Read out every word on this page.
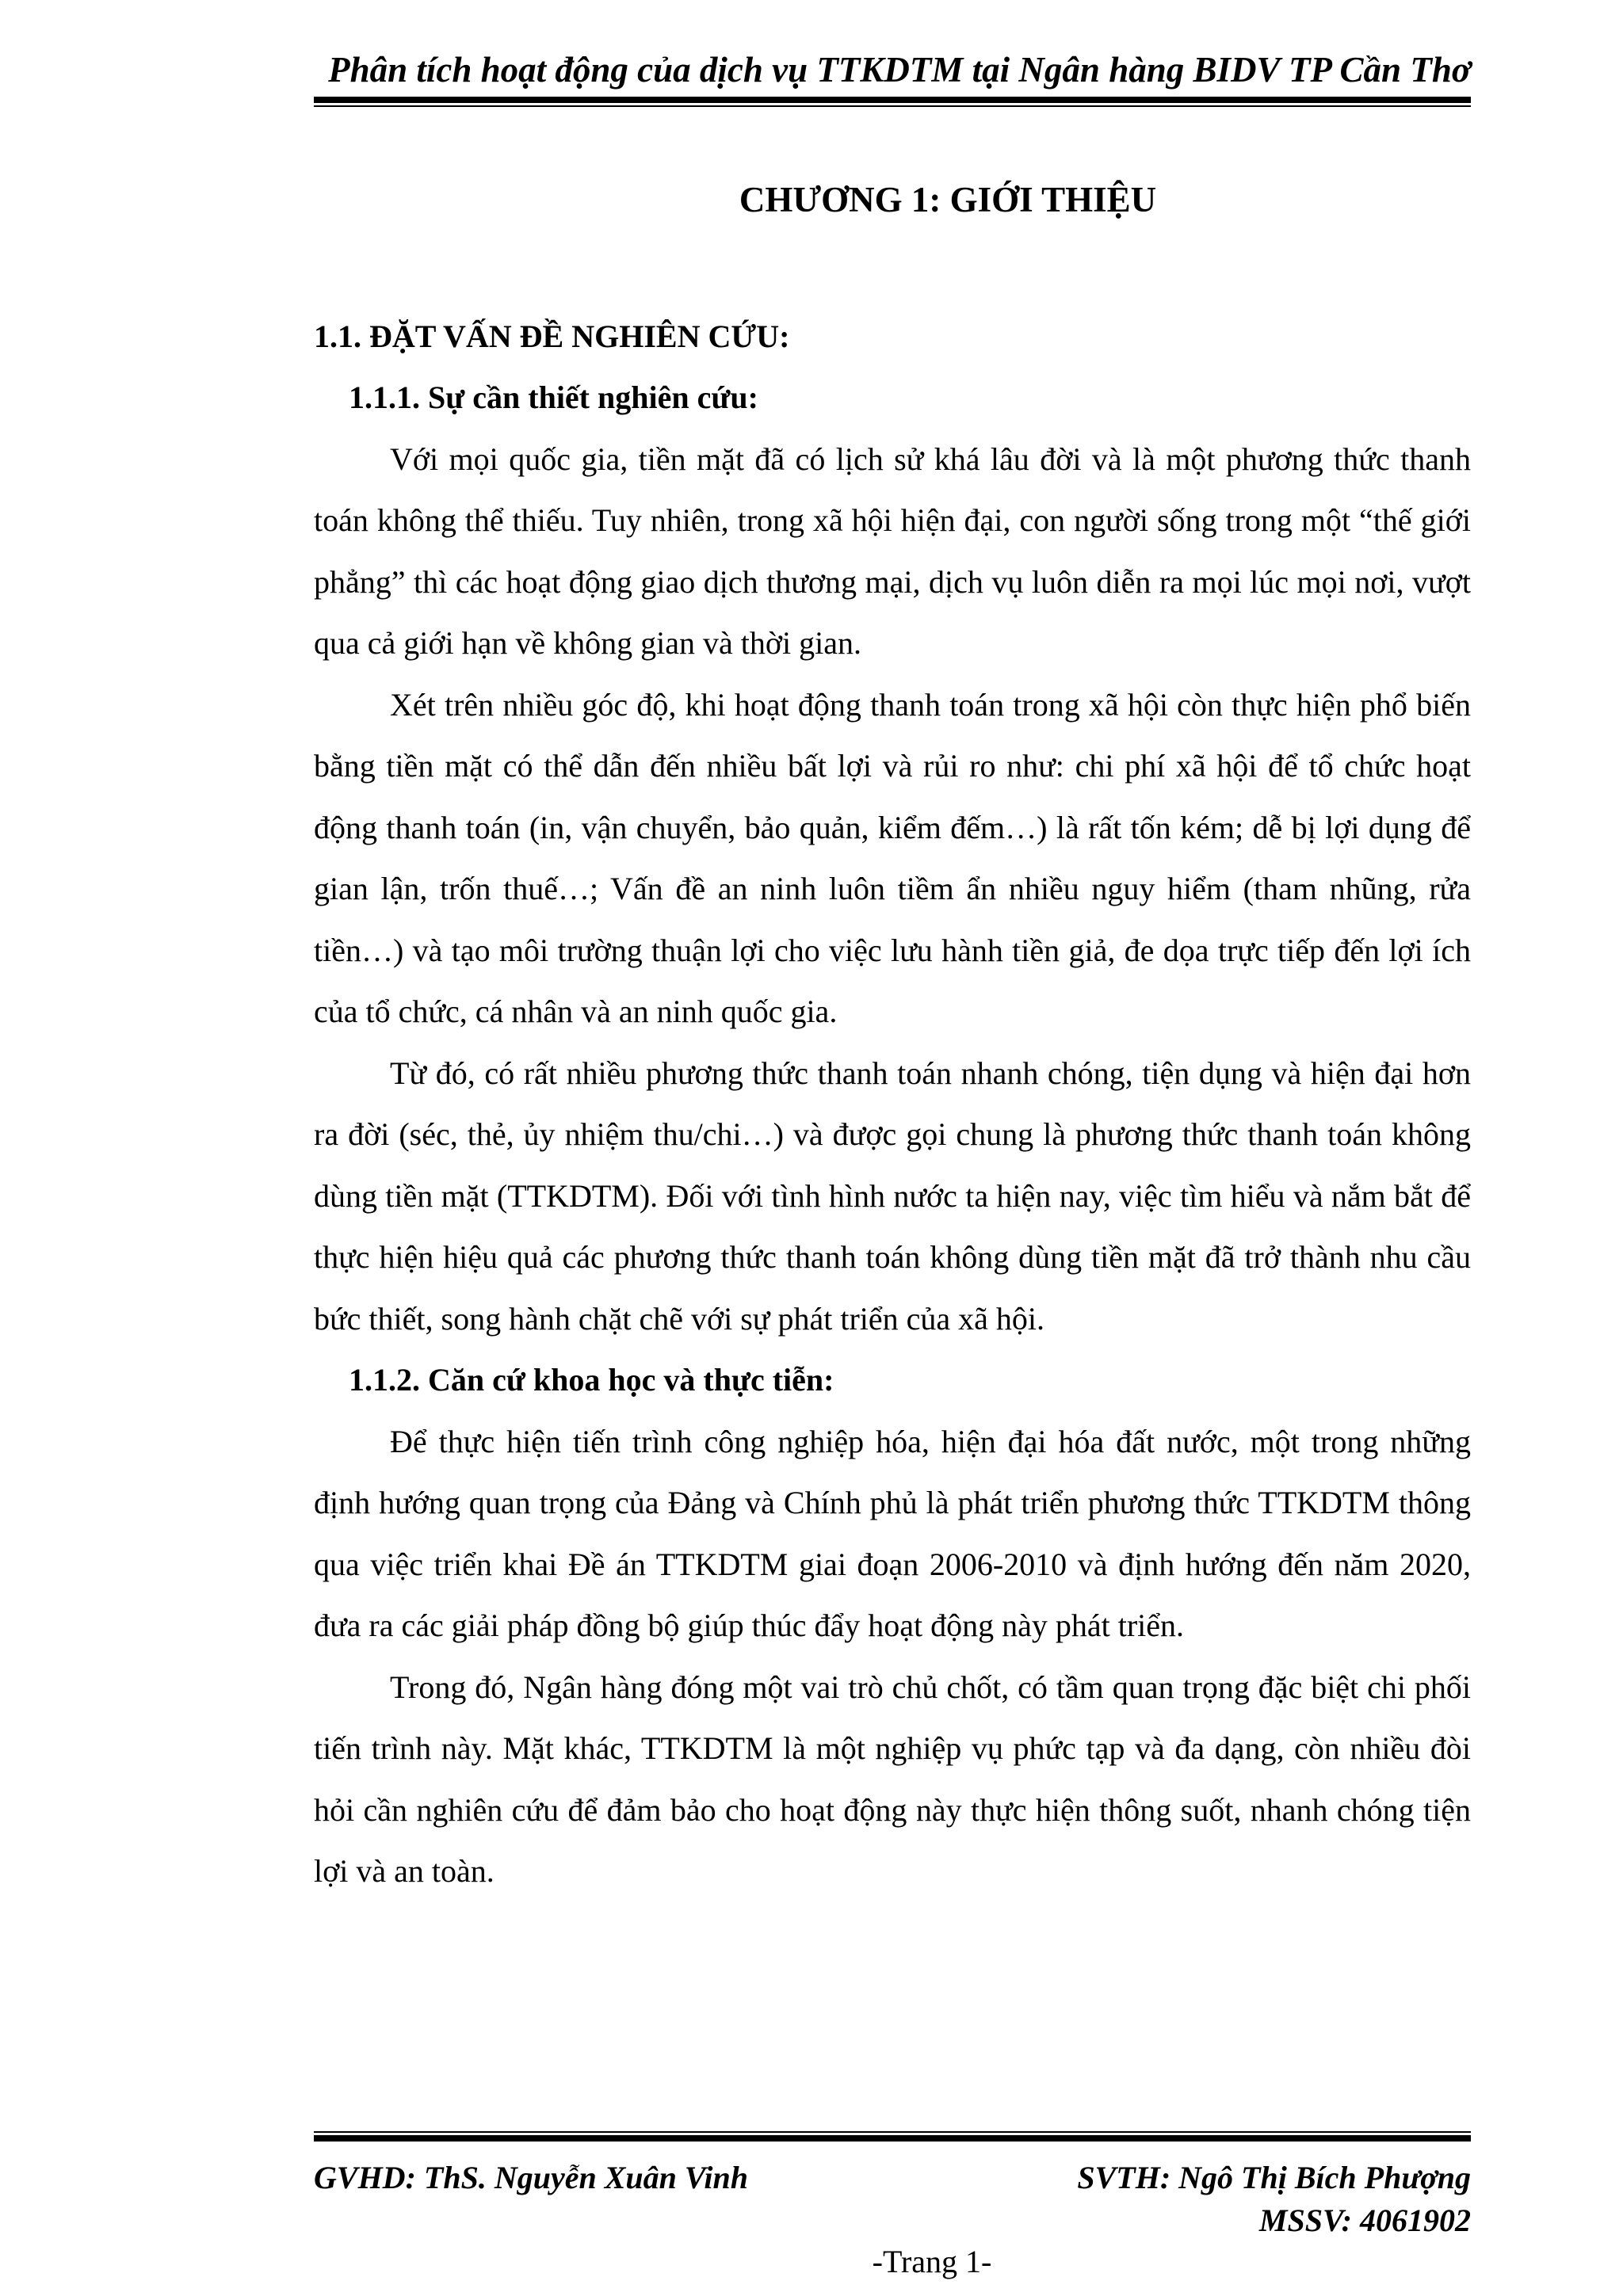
Phân tích hoạt động của dịch vụ TTKDTM tại Ngân hàng BIDV TP Cần Thơ
CHƯƠNG 1: GIỚI THIỆU

1.1. ĐẶT VẤN ĐỀ NGHIÊN CỨU:

1.1.1. Sự cần thiết nghiên cứu:

Với mọi quốc gia, tiền mặt đã có lịch sử khá lâu đời và là một phương thức thanh toán không thể thiếu. Tuy nhiên, trong xã hội hiện đại, con người sống trong một “thế giới phẳng” thì các hoạt động giao dịch thương mại, dịch vụ luôn diễn ra mọi lúc mọi nơi, vượt qua cả giới hạn về không gian và thời gian.

Xét trên nhiều góc độ, khi hoạt động thanh toán trong xã hội còn thực hiện phổ biến bằng tiền mặt có thể dẫn đến nhiều bất lợi và rủi ro như: chi phí xã hội để tổ chức hoạt động thanh toán (in, vận chuyển, bảo quản, kiểm đếm…) là rất tốn kém; dễ bị lợi dụng để gian lận, trốn thuế…; Vấn đề an ninh luôn tiềm ẩn nhiều nguy hiểm (tham nhũng, rửa tiền…) và tạo môi trường thuận lợi cho việc lưu hành tiền giả, đe dọa trực tiếp đến lợi ích của tổ chức, cá nhân và an ninh quốc gia.

Từ đó, có rất nhiều phương thức thanh toán nhanh chóng, tiện dụng và hiện đại hơn ra đời (séc, thẻ, ủy nhiệm thu/chi…) và được gọi chung là phương thức thanh toán không dùng tiền mặt (TTKDTM). Đối với tình hình nước ta hiện nay, việc tìm hiểu và nắm bắt để thực hiện hiệu quả các phương thức thanh toán không dùng tiền mặt đã trở thành nhu cầu bức thiết, song hành chặt chẽ với sự phát triển của xã hội.

1.1.2. Căn cứ khoa học và thực tiễn:

Để thực hiện tiến trình công nghiệp hóa, hiện đại hóa đất nước, một trong những định hướng quan trọng của Đảng và Chính phủ là phát triển phương thức TTKDTM thông qua việc triển khai Đề án TTKDTM giai đoạn 2006-2010 và định hướng đến năm 2020, đưa ra các giải pháp đồng bộ giúp thúc đẩy hoạt động này phát triển.

Trong đó, Ngân hàng đóng một vai trò chủ chốt, có tầm quan trọng đặc biệt chi phối tiến trình này. Mặt khác, TTKDTM là một nghiệp vụ phức tạp và đa dạng, còn nhiều đòi hỏi cần nghiên cứu để đảm bảo cho hoạt động này thực hiện thông suốt, nhanh chóng tiện lợi và an toàn.

GVHD: ThS. Nguyễn Xuân Vinh	SVTH: Ngô Thị Bích Phượng
MSSV: 4061902
-Trang 1-
